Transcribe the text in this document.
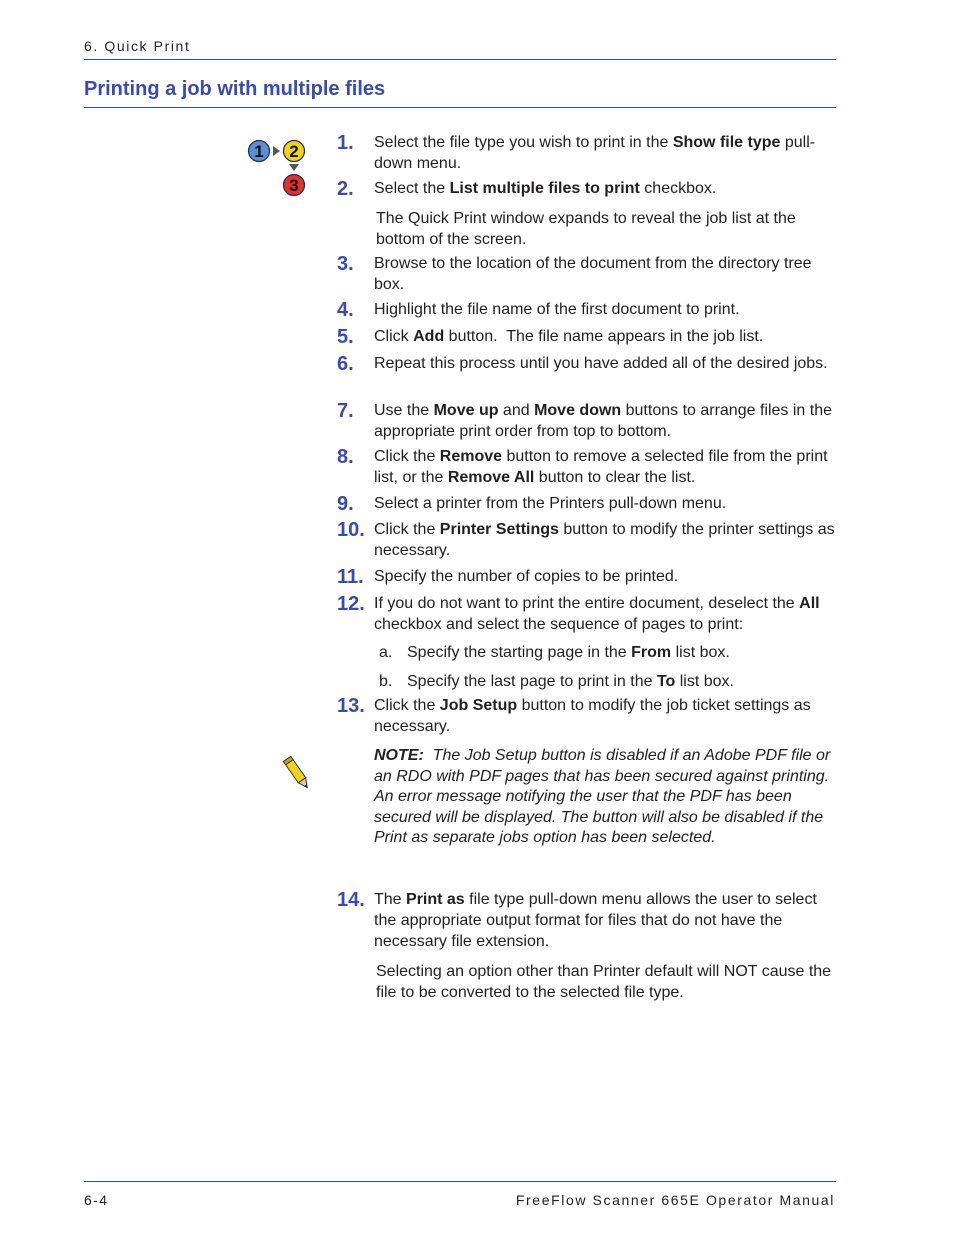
6. Quick Print
Printing a job with multiple files
1 2
3
1. Select the file type you wish to print in the Show file type pull-down menu.
2. Select the List multiple files to print checkbox.
The Quick Print window expands to reveal the job list at the bottom of the screen.
3. Browse to the location of the document from the directory tree box.
4. Highlight the file name of the first document to print.
5. Click Add button.  The file name appears in the job list.
6. Repeat this process until you have added all of the desired jobs.
7. Use the Move up and Move down buttons to arrange files in the appropriate print order from top to bottom.
8. Click the Remove button to remove a selected file from the print list, or the Remove All button to clear the list.
9. Select a printer from the Printers pull-down menu.
10. Click the Printer Settings button to modify the printer settings as necessary.
11. Specify the number of copies to be printed.
12. If you do not want to print the entire document, deselect the All checkbox and select the sequence of pages to print:
a. Specify the starting page in the From list box.
b. Specify the last page to print in the To list box.
13. Click the Job Setup button to modify the job ticket settings as necessary.
14. The Print as file type pull-down menu allows the user to select the appropriate output format for files that do not have the necessary file extension.
Selecting an option other than Printer default will NOT cause the file to be converted to the selected file type.
NOTE: The Job Setup button is disabled if an Adobe PDF file or an RDO with PDF pages that has been secured against printing. An error message notifying the user that the PDF has been secured will be displayed. The button will also be disabled if the Print as separate jobs option has been selected.
6-4	FreeFlow Scanner 665E Operator Manual
